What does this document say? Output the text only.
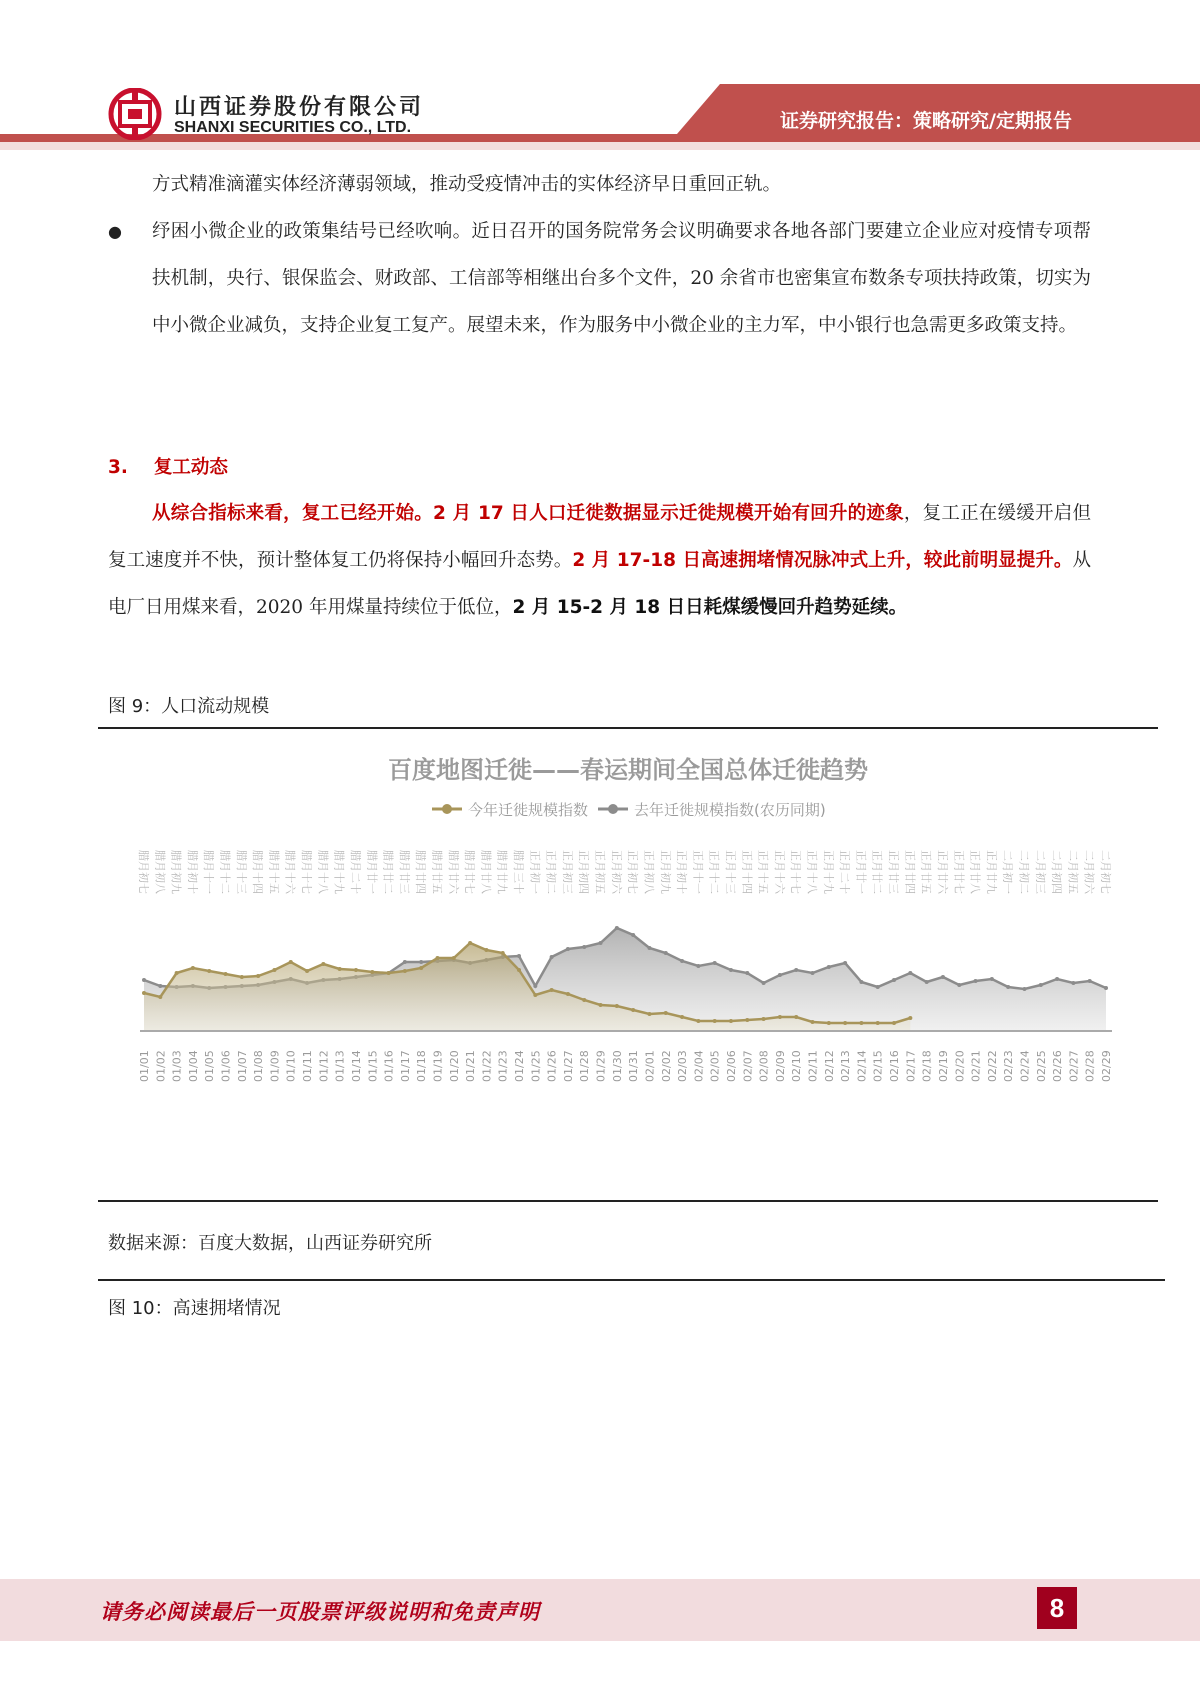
山西证券股份有限公司
SHANXI SECURITIES CO., LTD.	证券研究报告：策略研究/定期报告
方式精准滴灌实体经济薄弱领域，推动受疫情冲击的实体经济早日重回正轨。
● 纾困小微企业的政策集结号已经吹响。近日召开的国务院常务会议明确要求各地各部门要建立企业应对疫情专项帮扶机制，央行、银保监会、财政部、工信部等相继出台多个文件，20 余省市也密集宣布数条专项扶持政策，切实为中小微企业减负，支持企业复工复产。展望未来，作为服务中小微企业的主力军，中小银行也急需更多政策支持。
3. 复工动态
从综合指标来看，复工已经开始。2 月 17 日人口迁徙数据显示迁徙规模开始有回升的迹象，复工正在缓缓开启但复工速度并不快，预计整体复工仍将保持小幅回升态势。2 月 17-18 日高速拥堵情况脉冲式上升，较此前明显提升。从电厂日用煤来看，2020 年用煤量持续位于低位，2 月 15-2 月 18 日日耗煤缓慢回升趋势延续。
图 9：人口流动规模
百度地图迁徙——春运期间全国总体迁徙趋势
今年迁徙规模指数	去年迁徙规模指数(农历同期)
腊月初七 腊月初八 腊月初九 腊月初十 腊月十一 腊月十二 腊月十三 腊月十四 腊月十五 腊月十六 腊月十七 腊月十八 腊月十九 腊月二十 腊月廿一 腊月廿二 腊月廿三 腊月廿四 腊月廿五 腊月廿六 腊月廿七 腊月廿八 腊月廿九 腊月三十 正月初一 正月初二 正月初三 正月初四 正月初五 正月初六 正月初七 正月初八 正月初九 正月初十 正月十一 正月十二 正月十三 正月十四 正月十五 正月十六 正月十七 正月十八 正月十九 正月二十 正月廿一 正月廿二 正月廿三 正月廿四 正月廿五 正月廿六 正月廿七 正月廿八 正月廿九 二月初一 二月初二 二月初三 二月初四 二月初五 二月初六 二月初七
01/01 01/02 01/03 01/04 01/05 01/06 01/07 01/08 01/09 01/10 01/11 01/12 01/13 01/14 01/15 01/16 01/17 01/18 01/19 01/20 01/21 01/22 01/23 01/24 01/25 01/26 01/27 01/28 01/29 01/30 01/31 02/01 02/02 02/03 02/04 02/05 02/06 02/07 02/08 02/09 02/10 02/11 02/12 02/13 02/14 02/15 02/16 02/17 02/18 02/19 02/20 02/21 02/22 02/23 02/24 02/25 02/26 02/27 02/28 02/29
数据来源：百度大数据，山西证券研究所
图 10：高速拥堵情况
请务必阅读最后一页股票评级说明和免责声明	8
